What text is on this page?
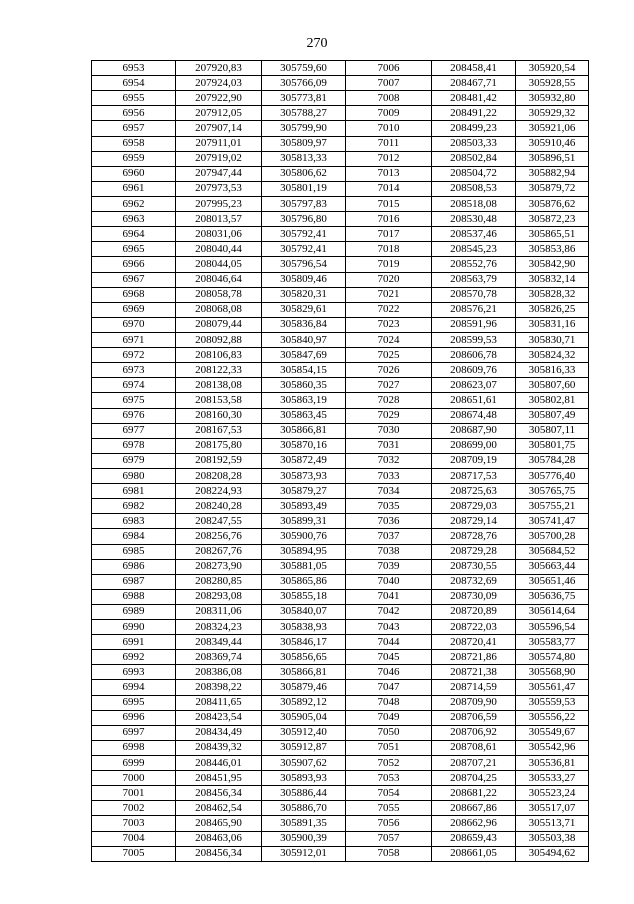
270
6953	207920,83	305759,60	7006	208458,41	305920,54
6954	207924,03	305766,09	7007	208467,71	305928,55
6955	207922,90	305773,81	7008	208481,42	305932,80
6956	207912,05	305788,27	7009	208491,22	305929,32
6957	207907,14	305799,90	7010	208499,23	305921,06
6958	207911,01	305809,97	7011	208503,33	305910,46
6959	207919,02	305813,33	7012	208502,84	305896,51
6960	207947,44	305806,62	7013	208504,72	305882,94
6961	207973,53	305801,19	7014	208508,53	305879,72
6962	207995,23	305797,83	7015	208518,08	305876,62
6963	208013,57	305796,80	7016	208530,48	305872,23
6964	208031,06	305792,41	7017	208537,46	305865,51
6965	208040,44	305792,41	7018	208545,23	305853,86
6966	208044,05	305796,54	7019	208552,76	305842,90
6967	208046,64	305809,46	7020	208563,79	305832,14
6968	208058,78	305820,31	7021	208570,78	305828,32
6969	208068,08	305829,61	7022	208576,21	305826,25
6970	208079,44	305836,84	7023	208591,96	305831,16
6971	208092,88	305840,97	7024	208599,53	305830,71
6972	208106,83	305847,69	7025	208606,78	305824,32
6973	208122,33	305854,15	7026	208609,76	305816,33
6974	208138,08	305860,35	7027	208623,07	305807,60
6975	208153,58	305863,19	7028	208651,61	305802,81
6976	208160,30	305863,45	7029	208674,48	305807,49
6977	208167,53	305866,81	7030	208687,90	305807,11
6978	208175,80	305870,16	7031	208699,00	305801,75
6979	208192,59	305872,49	7032	208709,19	305784,28
6980	208208,28	305873,93	7033	208717,53	305776,40
6981	208224,93	305879,27	7034	208725,63	305765,75
6982	208240,28	305893,49	7035	208729,03	305755,21
6983	208247,55	305899,31	7036	208729,14	305741,47
6984	208256,76	305900,76	7037	208728,76	305700,28
6985	208267,76	305894,95	7038	208729,28	305684,52
6986	208273,90	305881,05	7039	208730,55	305663,44
6987	208280,85	305865,86	7040	208732,69	305651,46
6988	208293,08	305855,18	7041	208730,09	305636,75
6989	208311,06	305840,07	7042	208720,89	305614,64
6990	208324,23	305838,93	7043	208722,03	305596,54
6991	208349,44	305846,17	7044	208720,41	305583,77
6992	208369,74	305856,65	7045	208721,86	305574,80
6993	208386,08	305866,81	7046	208721,38	305568,90
6994	208398,22	305879,46	7047	208714,59	305561,47
6995	208411,65	305892,12	7048	208709,90	305559,53
6996	208423,54	305905,04	7049	208706,59	305556,22
6997	208434,49	305912,40	7050	208706,92	305549,67
6998	208439,32	305912,87	7051	208708,61	305542,96
6999	208446,01	305907,62	7052	208707,21	305536,81
7000	208451,95	305893,93	7053	208704,25	305533,27
7001	208456,34	305886,44	7054	208681,22	305523,24
7002	208462,54	305886,70	7055	208667,86	305517,07
7003	208465,90	305891,35	7056	208662,96	305513,71
7004	208463,06	305900,39	7057	208659,43	305503,38
7005	208456,34	305912,01	7058	208661,05	305494,62
